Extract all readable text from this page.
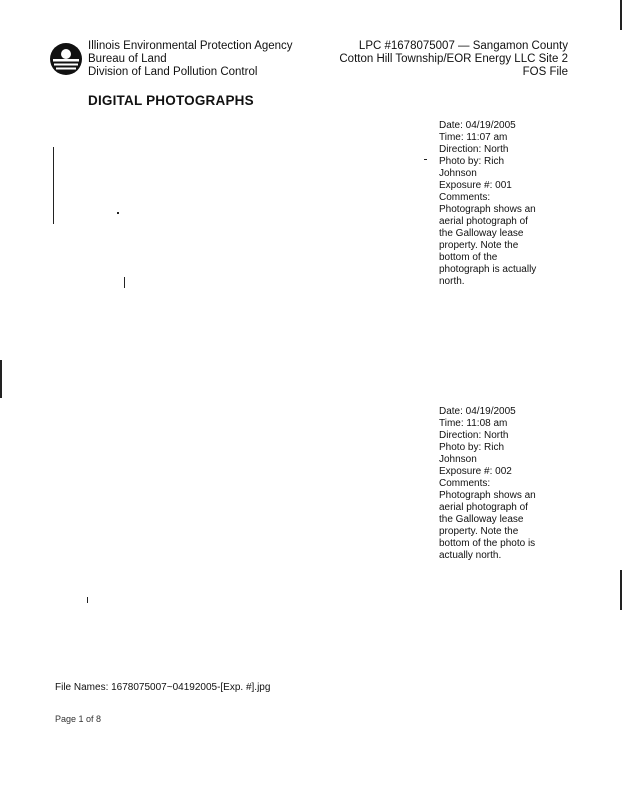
Illinois Environmental Protection Agency
Bureau of Land
Division of Land Pollution Control
LPC #1678075007 — Sangamon County
Cotton Hill Township/EOR Energy LLC Site 2
FOS File
DIGITAL PHOTOGRAPHS
Date: 04/19/2005
Time: 11:07 am
Direction: North
Photo by: Rich
Johnson
Exposure #: 001
Comments:
Photograph shows an
aerial photograph of
the Galloway lease
property. Note the
bottom of the
photograph is actually
north.
Date: 04/19/2005
Time: 11:08 am
Direction: North
Photo by: Rich
Johnson
Exposure #: 002
Comments:
Photograph shows an
aerial photograph of
the Galloway lease
property. Note the
bottom of the photo is
actually north.
File Names: 1678075007~04192005-[Exp. #].jpg
Page 1 of 8
